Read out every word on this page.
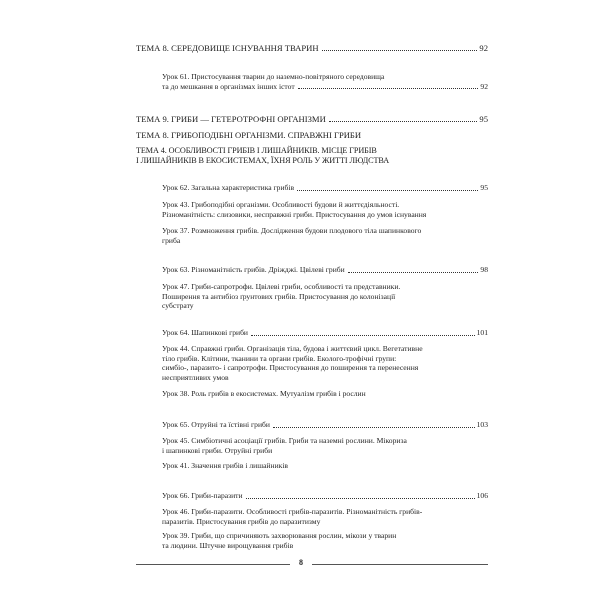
ТЕМА 8. СЕРЕДОВИЩЕ ІСНУВАННЯ ТВАРИН	92
Урок 61. Пристосування тварин до наземно-повітряного середовища
та до мешкання в організмах інших істот	92
ТЕМА 9. ГРИБИ — ГЕТЕРОТРОФНІ ОРГАНІЗМИ	95
ТЕМА 8. ГРИБОПОДІБНІ ОРГАНІЗМИ. СПРАВЖНІ ГРИБИ
ТЕМА 4. ОСОБЛИВОСТІ ГРИБІВ І ЛИШАЙНИКІВ. МІСЦЕ ГРИБІВ
І ЛИШАЙНИКІВ В ЕКОСИСТЕМАХ, ЇХНЯ РОЛЬ У ЖИТТІ ЛЮДСТВА
Урок 62. Загальна характеристика грибів	95
Урок 43. Грибоподібні організми. Особливості будови й життєдіяльності.
Різноманітність: слизовики, несправжні гриби. Пристосування до умов існування
Урок 37. Розмноження грибів. Дослідження будови плодового тіла шапинкового
гриба
Урок 63. Різноманітність грибів. Дріжджі. Цвілеві гриби	98
Урок 47. Гриби-сапротрофи. Цвілеві гриби, особливості та представники.
Поширення та антибіоз ґрунтових грибів. Пристосування до колонізації
субстрату
Урок 64. Шапинкові гриби	101
Урок 44. Справжні гриби. Організація тіла, будова і життєвий цикл. Вегетативне
тіло грибів. Клітини, тканини та органи грибів. Еколого-трофічні групи:
симбіо-, паразито- і сапротрофи. Пристосування до поширення та перенесення
несприятливих умов
Урок 38. Роль грибів в екосистемах. Мутуалізм грибів і рослин
Урок 65. Отруйні та їстівні гриби	103
Урок 45. Симбіотичні асоціації грибів. Гриби та наземні рослини. Мікориза
і шапинкові гриби. Отруйні гриби
Урок 41. Значення грибів і лишайників
Урок 66. Гриби-паразити	106
Урок 46. Гриби-паразити. Особливості грибів-паразитів. Різноманітність грибів-
паразитів. Пристосування грибів до паразитизму
Урок 39. Гриби, що спричиняють захворювання рослин, мікози у тварин
та людини. Штучне вирощування грибів
8
